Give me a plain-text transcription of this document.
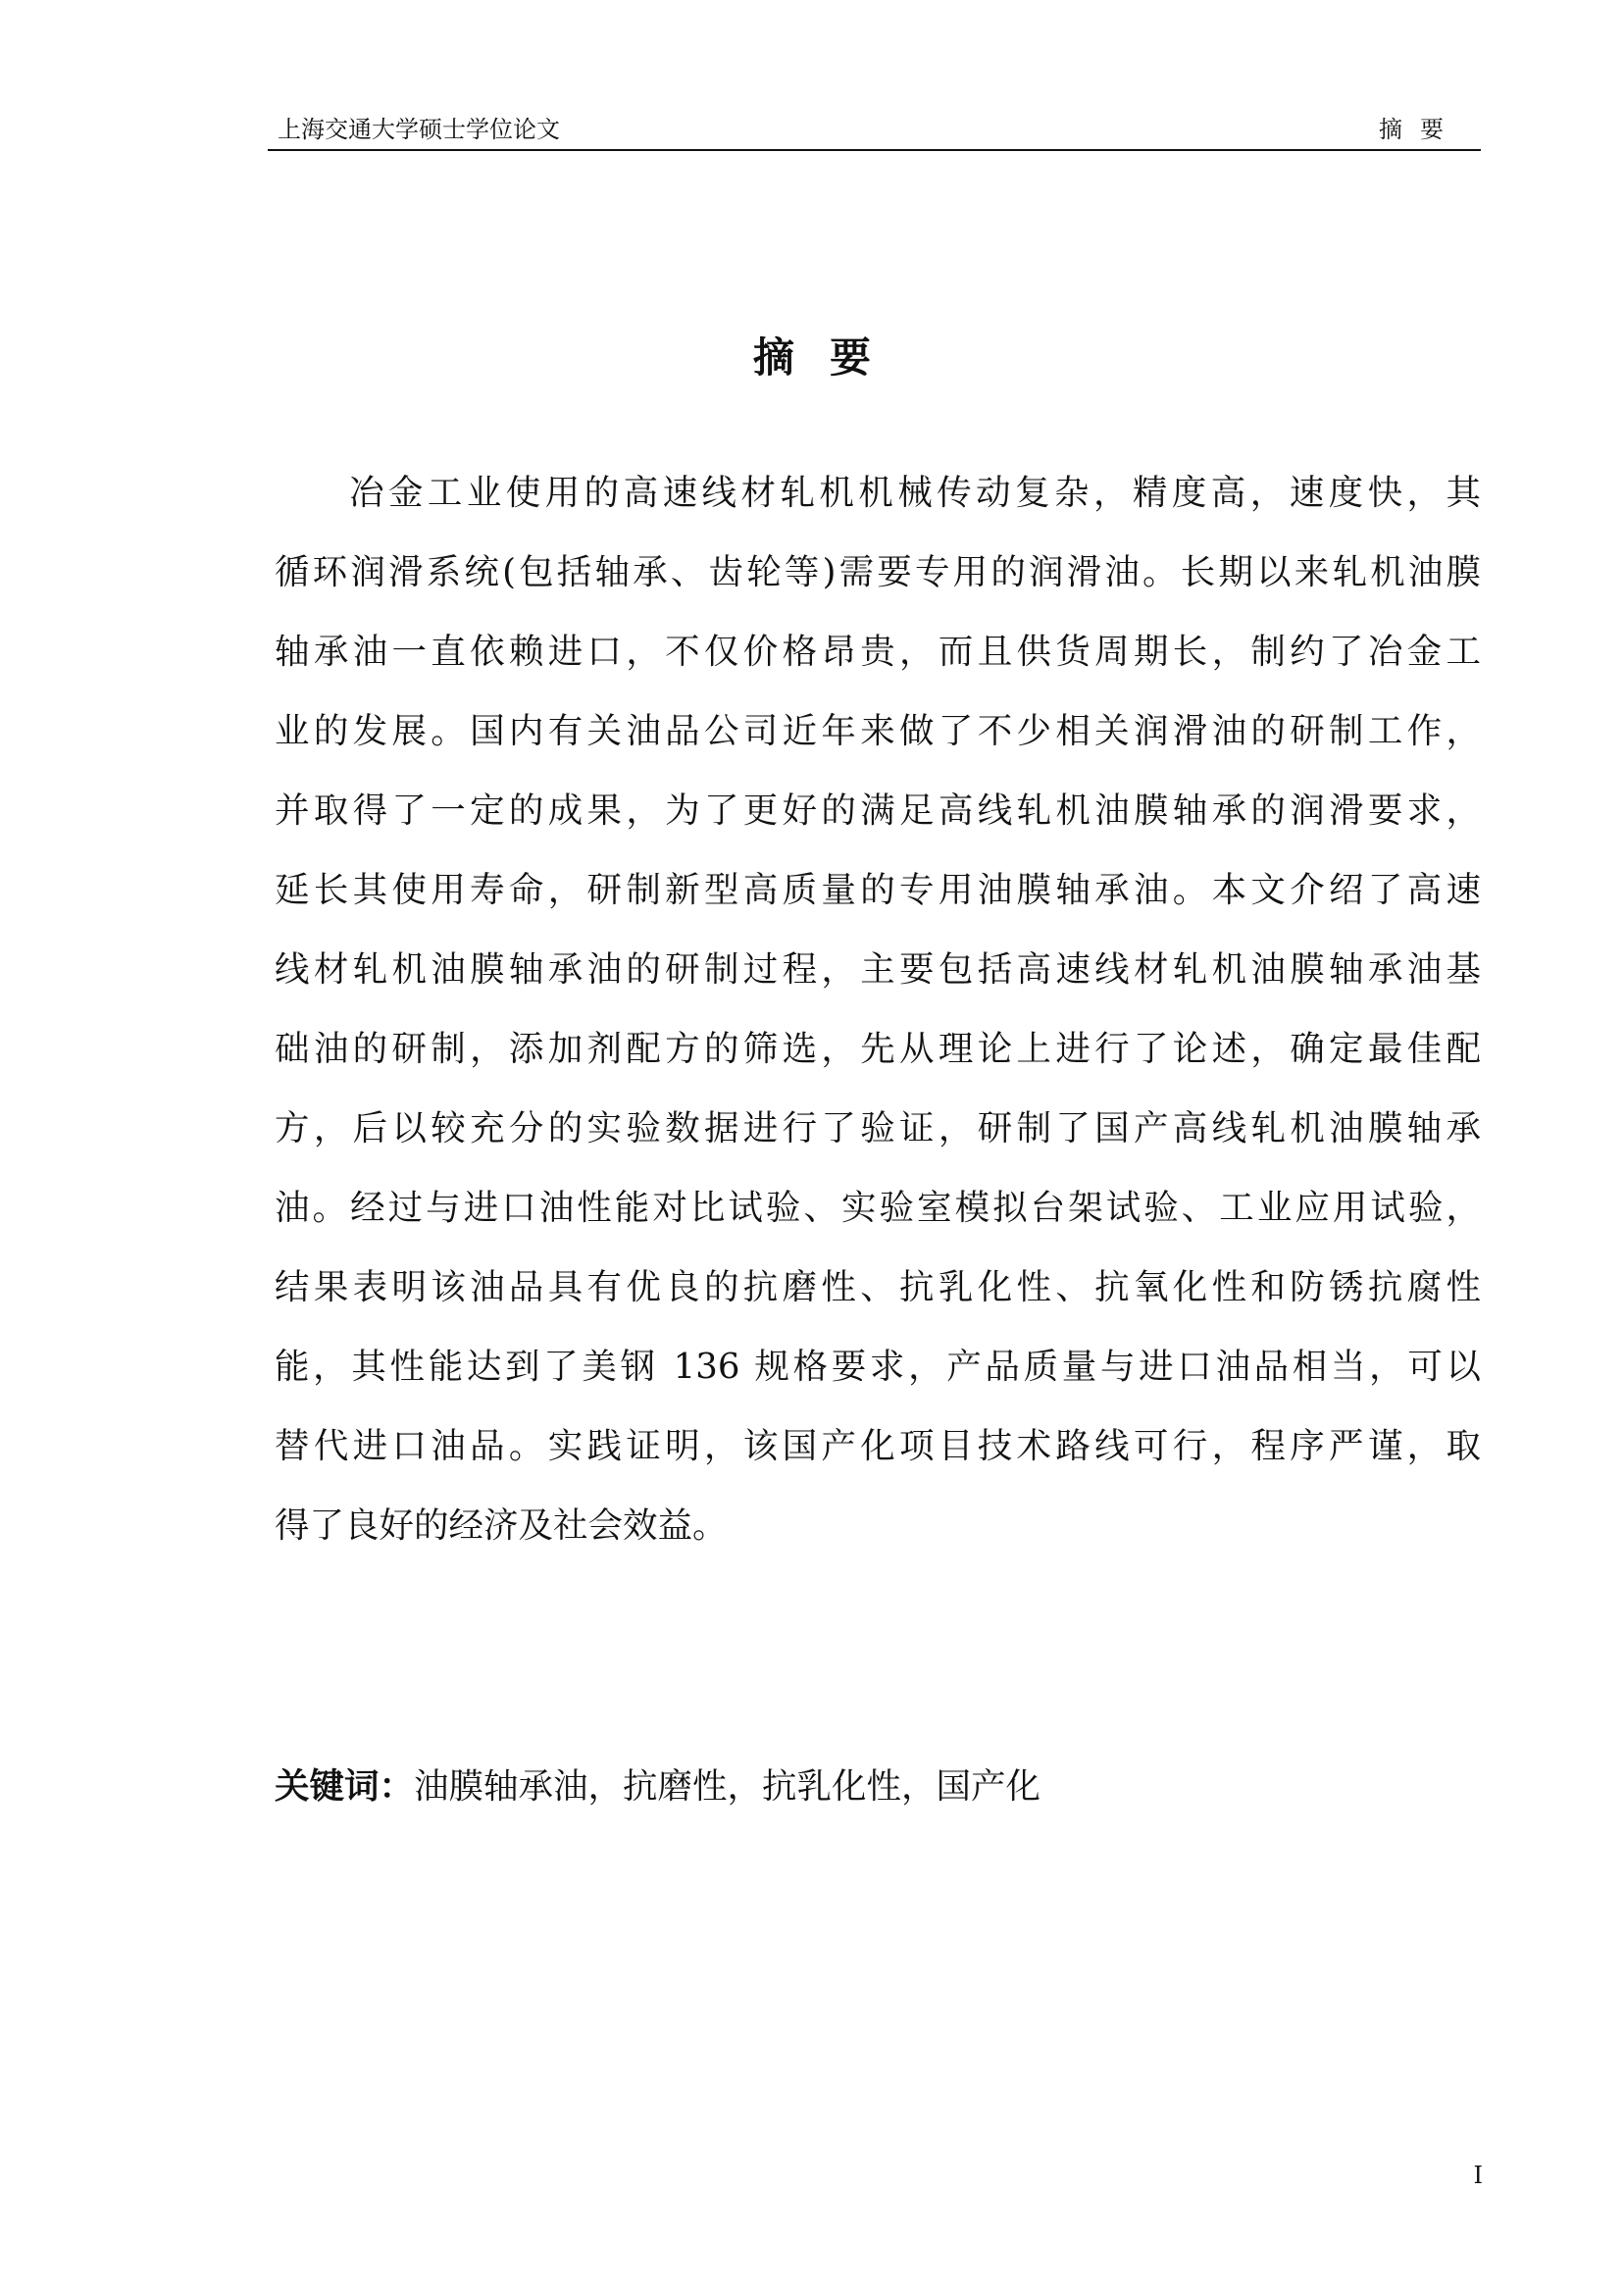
上海交通大学硕士学位论文	摘要
摘要
冶金工业使用的高速线材轧机机械传动复杂，精度高，速度快，其
循环润滑系统(包括轴承、齿轮等)需要专用的润滑油。长期以来轧机油膜
轴承油一直依赖进口，不仅价格昂贵，而且供货周期长，制约了冶金工
业的发展。国内有关油品公司近年来做了不少相关润滑油的研制工作，
并取得了一定的成果，为了更好的满足高线轧机油膜轴承的润滑要求，
延长其使用寿命，研制新型高质量的专用油膜轴承油。本文介绍了高速
线材轧机油膜轴承油的研制过程，主要包括高速线材轧机油膜轴承油基
础油的研制，添加剂配方的筛选，先从理论上进行了论述，确定最佳配
方，后以较充分的实验数据进行了验证，研制了国产高线轧机油膜轴承
油。经过与进口油性能对比试验、实验室模拟台架试验、工业应用试验，
结果表明该油品具有优良的抗磨性、抗乳化性、抗氧化性和防锈抗腐性
能，其性能达到了美钢 136 规格要求，产品质量与进口油品相当，可以
替代进口油品。实践证明，该国产化项目技术路线可行，程序严谨，取
得了良好的经济及社会效益。
关键词：油膜轴承油，抗磨性，抗乳化性，国产化
I
